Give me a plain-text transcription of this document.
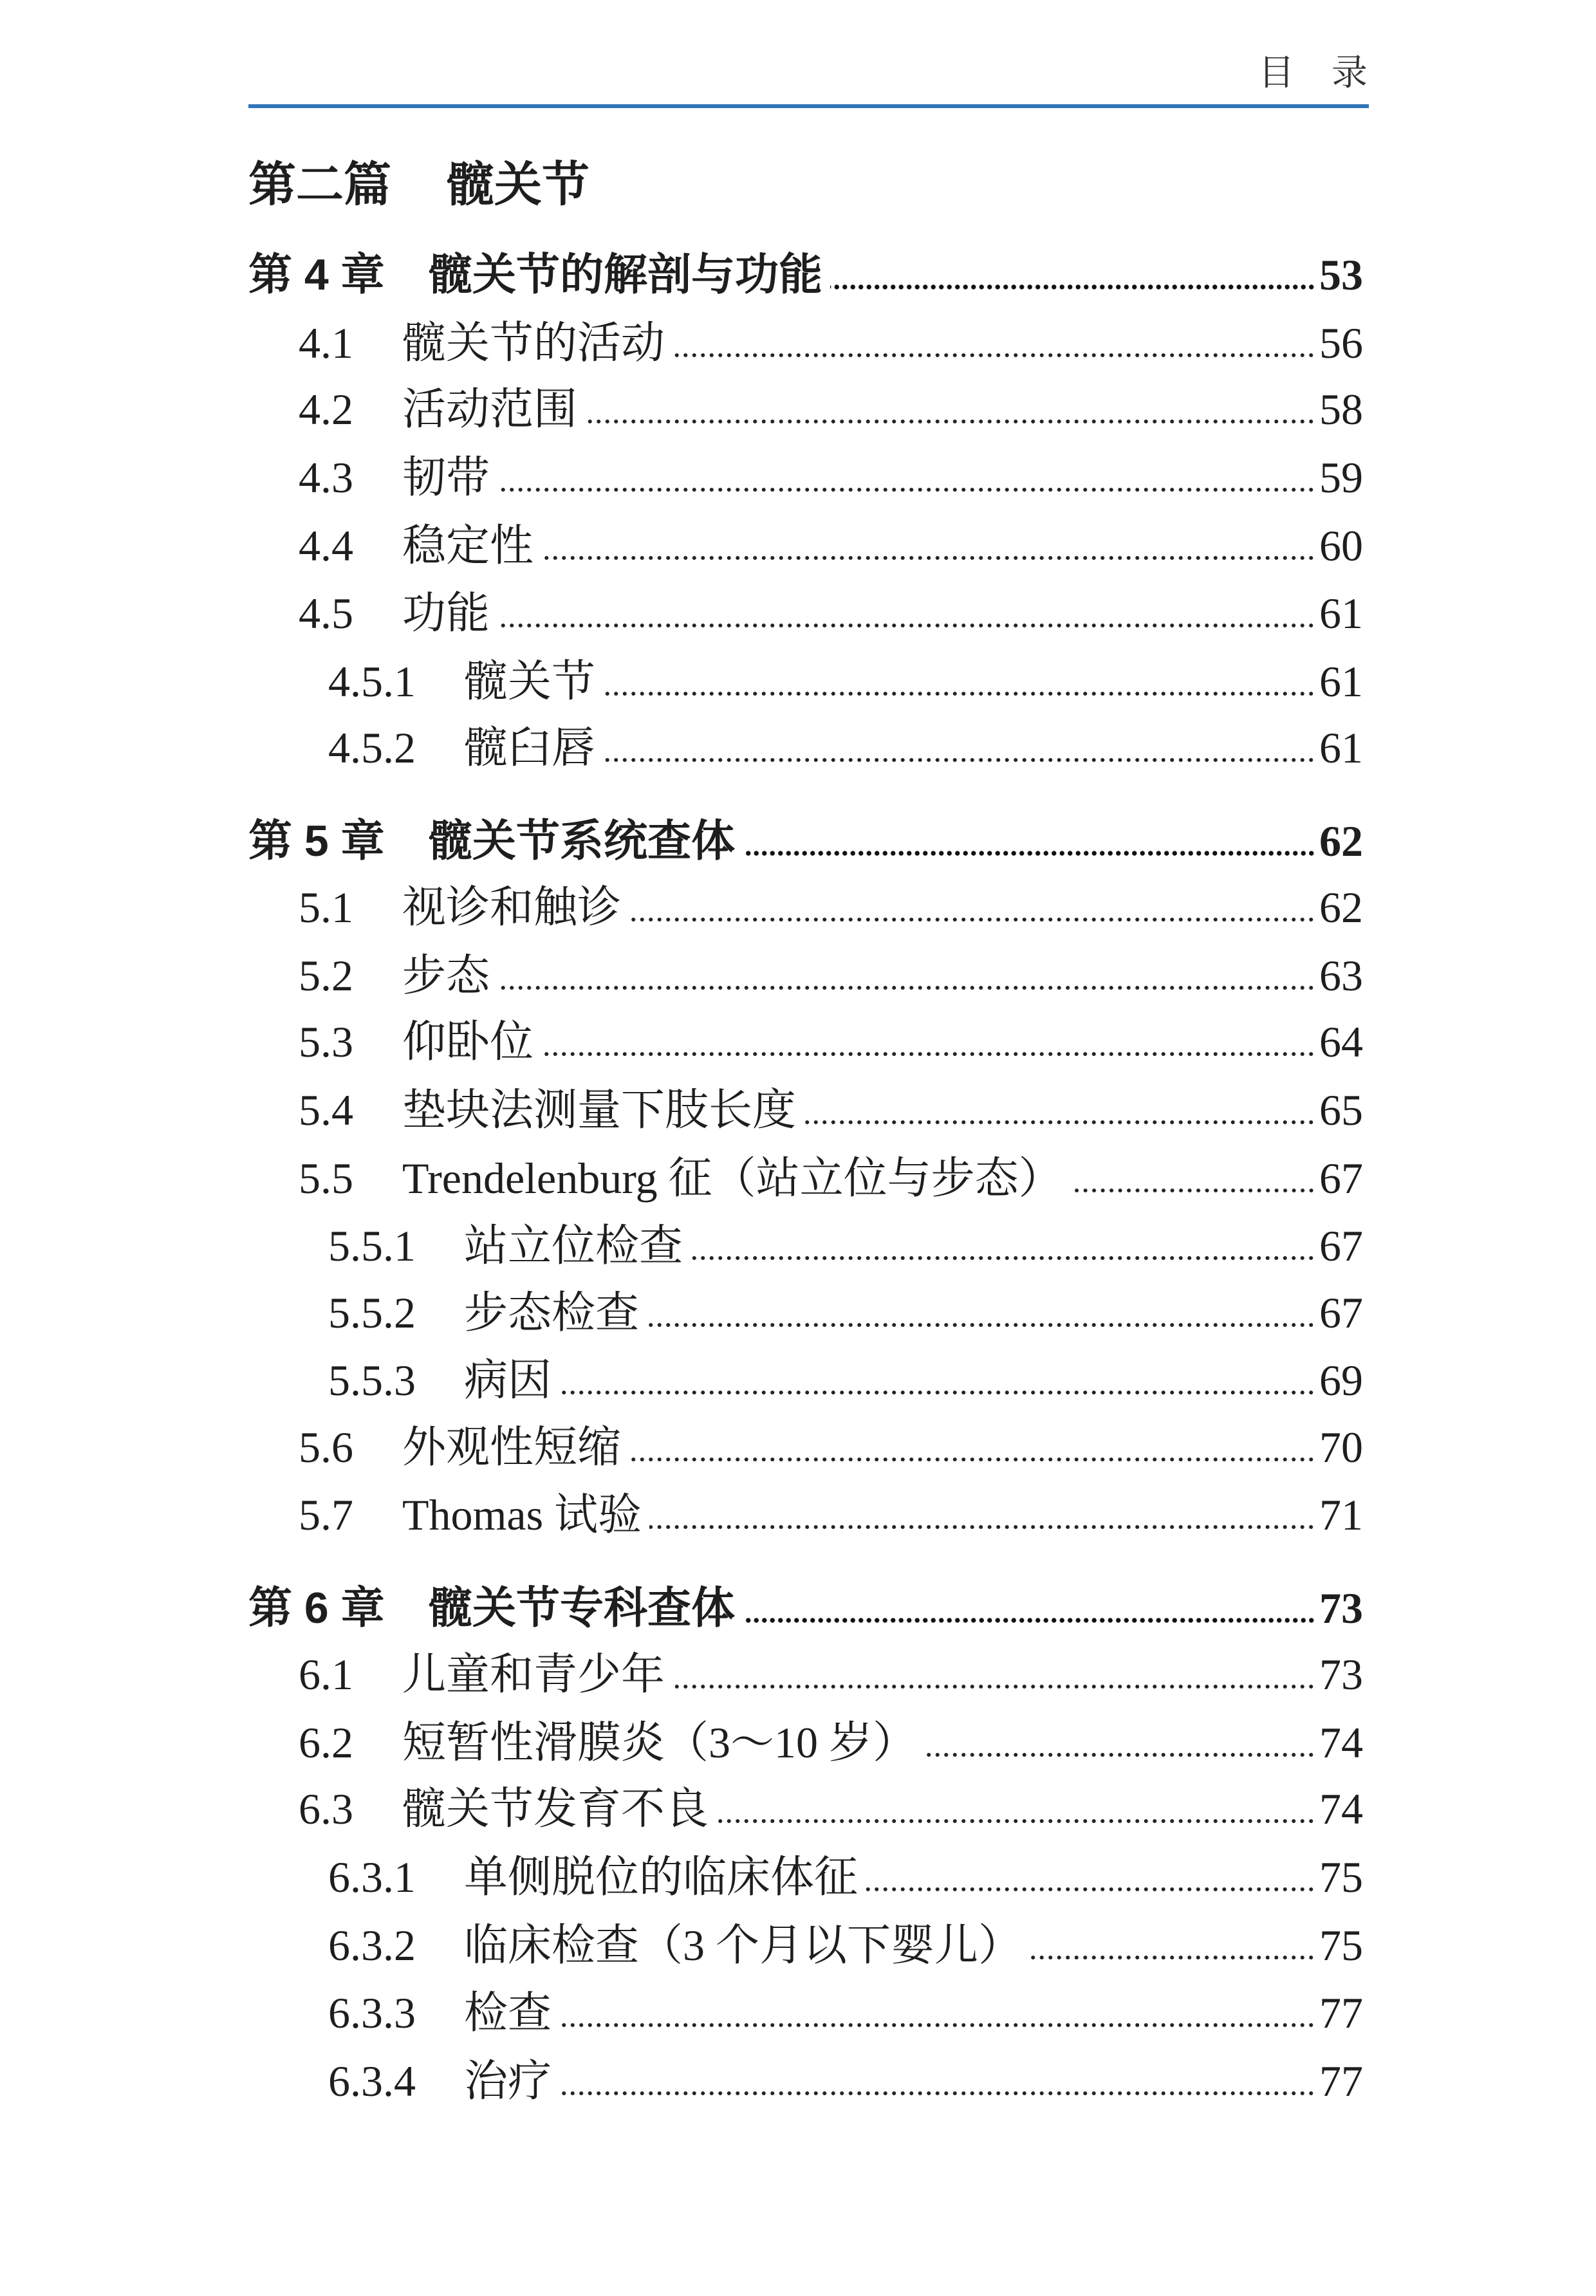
目 录
第二篇	髋关节
第 4 章	髋关节的解剖与功能	53
4.1	髋关节的活动	56
4.2	活动范围	58
4.3	韧带	59
4.4	稳定性	60
4.5	功能	61
4.5.1	髋关节	61
4.5.2	髋臼唇	61
第 5 章	髋关节系统查体	62
5.1	视诊和触诊	62
5.2	步态	63
5.3	仰卧位	64
5.4	垫块法测量下肢长度	65
5.5	Trendelenburg 征（站立位与步态）	67
5.5.1	站立位检查	67
5.5.2	步态检查	67
5.5.3	病因	69
5.6	外观性短缩	70
5.7	Thomas 试验	71
第 6 章	髋关节专科查体	73
6.1	儿童和青少年	73
6.2	短暂性滑膜炎（3～10 岁）	74
6.3	髋关节发育不良	74
6.3.1	单侧脱位的临床体征	75
6.3.2	临床检查（3 个月以下婴儿）	75
6.3.3	检查	77
6.3.4	治疗	77
